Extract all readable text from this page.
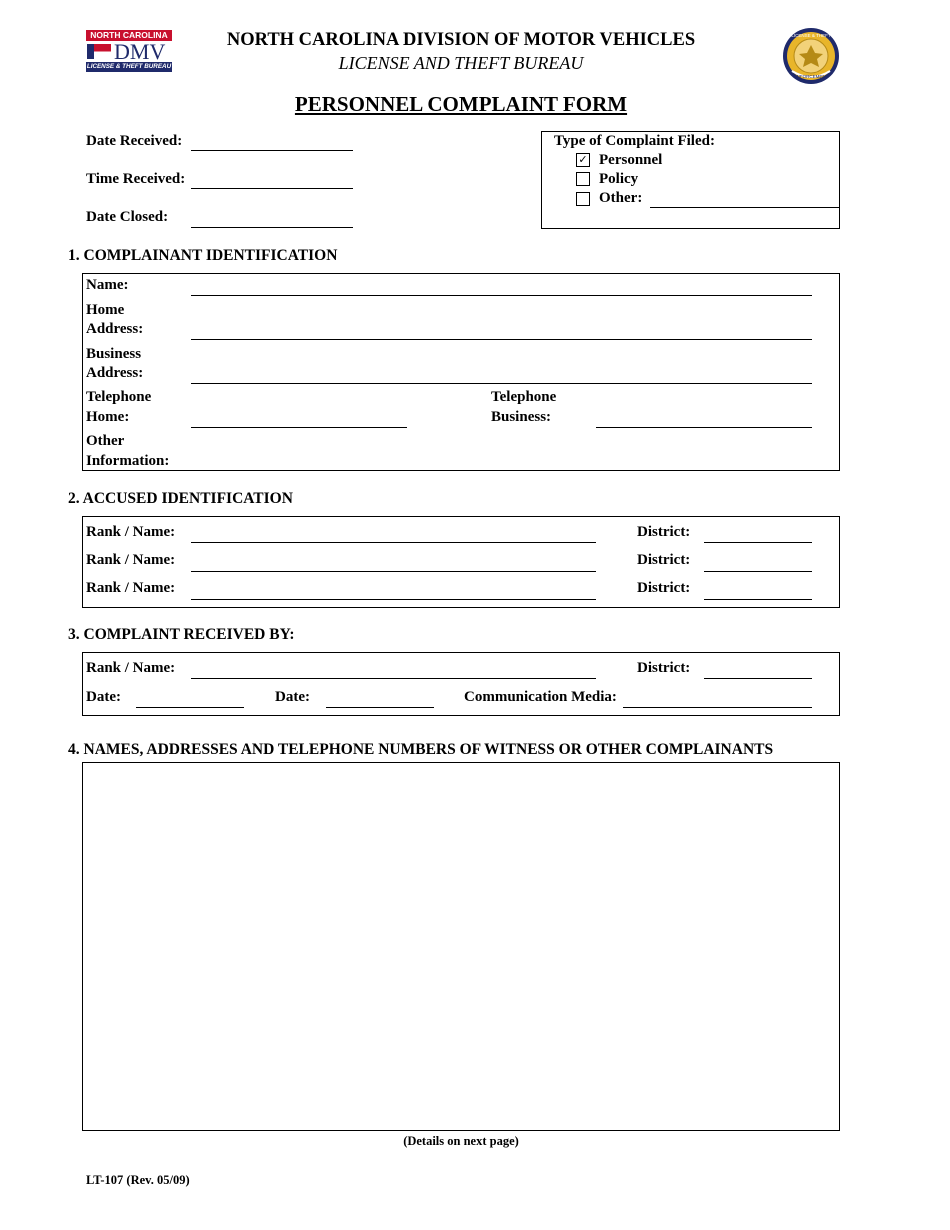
NORTH CAROLINA
DMV
LICENSE & THEFT BUREAU
NORTH CAROLINA DIVISION OF MOTOR VEHICLES
LICENSE AND THEFT BUREAU
LICENSE & THEFT
ENFORCEMENT
PERSONNEL COMPLAINT FORM
Date Received:
Time Received:
Date Closed:
Type of Complaint Filed:
✓ Personnel
Policy
Other:
1. COMPLAINANT IDENTIFICATION
Name:
Home
Address:
Business
Address:
Telephone
Home:
Telephone
Business:
Other
Information:
2. ACCUSED IDENTIFICATION
Rank / Name:	District:
Rank / Name:	District:
Rank / Name:	District:
3. COMPLAINT RECEIVED BY:
Rank / Name:	District:
Date:	Date:	Communication Media:
4. NAMES, ADDRESSES AND TELEPHONE NUMBERS OF WITNESS OR OTHER COMPLAINANTS
(Details on next page)
LT-107 (Rev. 05/09)
